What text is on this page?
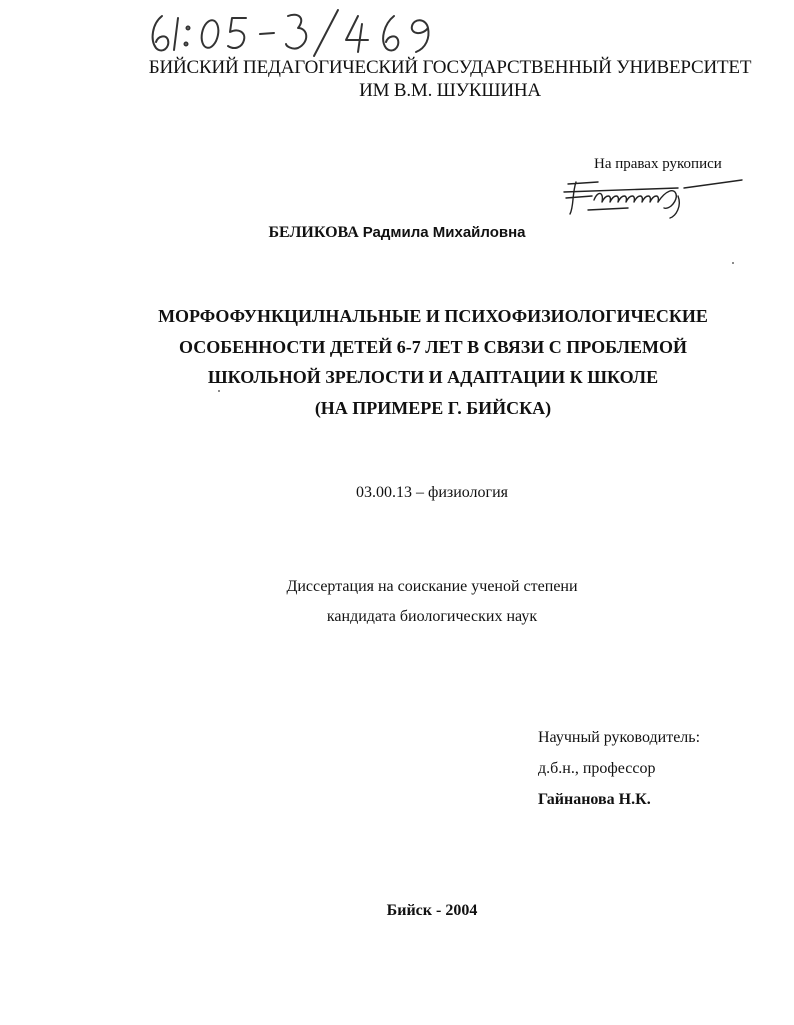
БИЙСКИЙ ПЕДАГОГИЧЕСКИЙ ГОСУДАРСТВЕННЫЙ УНИВЕРСИТЕТ
ИМ В.М. ШУКШИНА
На правах рукописи
БЕЛИКОВА Радмила Михайловна
МОРФОФУНКЦИЛНАЛЬНЫЕ И ПСИХОФИЗИОЛОГИЧЕСКИЕ
ОСОБЕННОСТИ ДЕТЕЙ 6-7 ЛЕТ В СВЯЗИ С ПРОБЛЕМОЙ
ШКОЛЬНОЙ ЗРЕЛОСТИ И АДАПТАЦИИ К ШКОЛЕ
(НА ПРИМЕРЕ Г. БИЙСКА)
03.00.13 – физиология
Диссертация на соискание ученой степени
кандидата биологических наук
Научный руководитель:
д.б.н., профессор
Гайнанова Н.К.
Бийск - 2004
